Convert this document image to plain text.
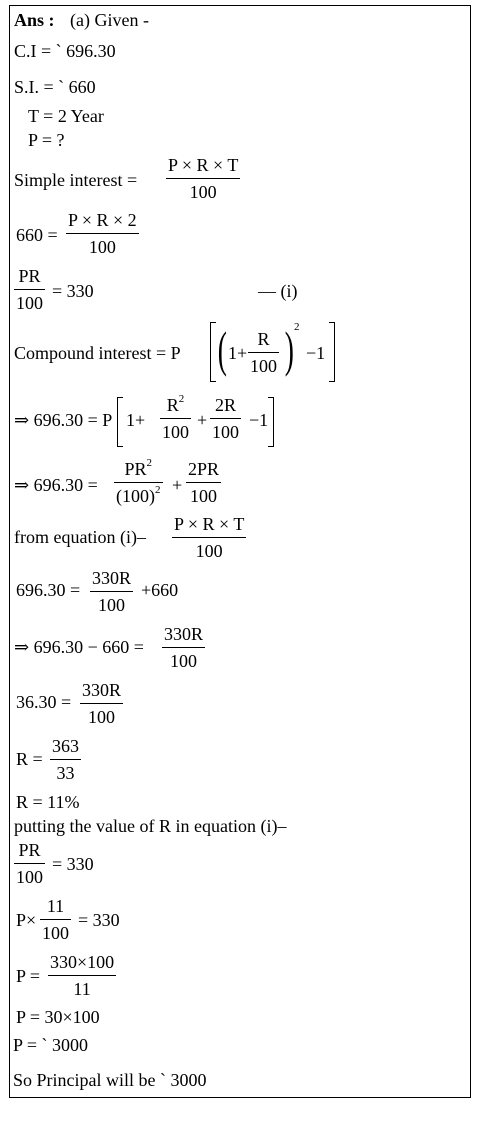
Ans : (a) Given -
C.I = ` 696.30
S.I. = ` 660
T = 2 Year
P = ?
Simple interest =
P × R × T
100
660 =
P × R × 2
100
PR
100
= 330	— (i)
Compound interest = P ( 1+
R
100 ) 2
−1
⇒ 696.30 = P 1+
$R^2$
100
+
2R
100
−1
⇒ 696.30 =
$PR^2$
$(100)^2$ +
2PR
100
from equation (i)–
P × R × T
100
696.30 =
330R
100
+660
⇒ 696.30 − 660 =
330R
100
36.30 =
330R
100
R =
363
33
R = 11%
putting the value of R in equation (i)–
PR
100
= 330
P×
11
100
= 330
P =
330×100
11
P = 30×100
P = ` 3000
So Principal will be ` 3000
